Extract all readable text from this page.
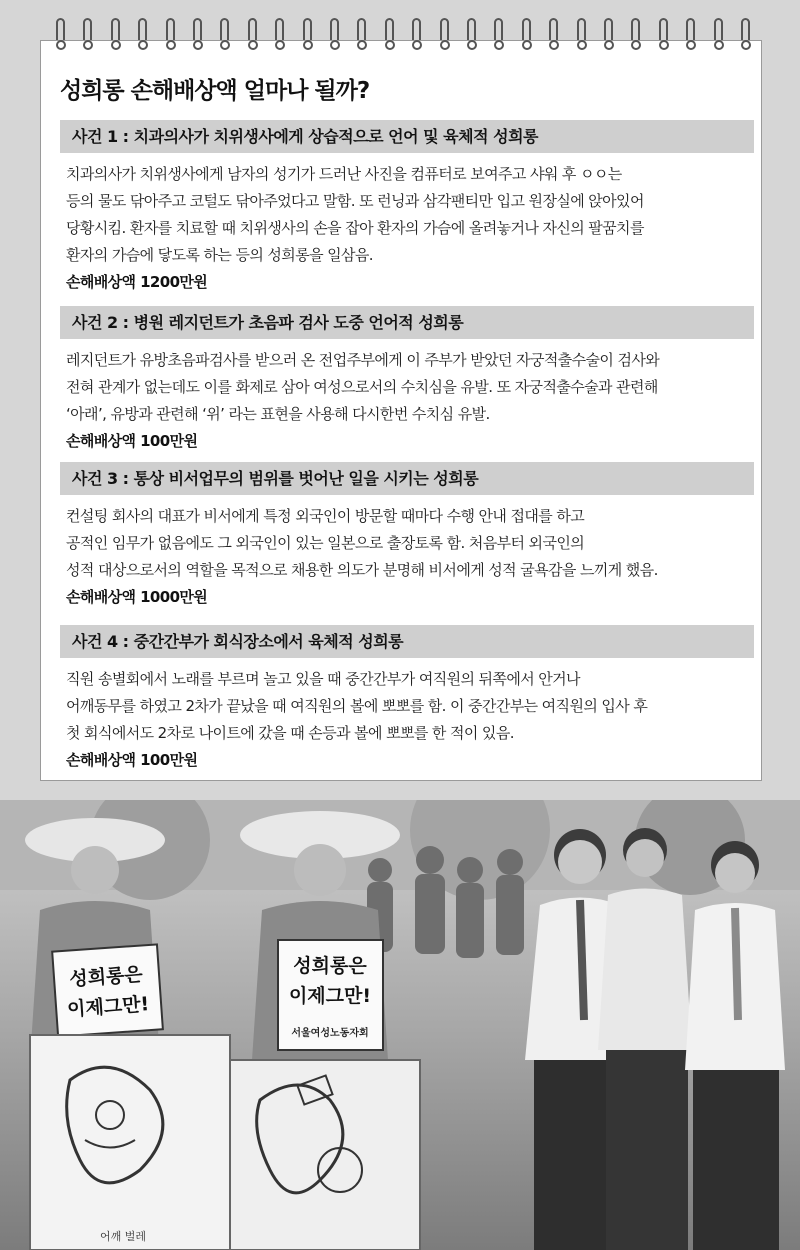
성희롱 손해배상액 얼마나 될까?
사건 1 : 치과의사가 치위생사에게 상습적으로 언어 및 육체적 성희롱

치과의사가 치위생사에게 남자의 성기가 드러난 사진을 컴퓨터로 보여주고 샤워 후 ㅇㅇ는

등의 물도 닦아주고 코털도 닦아주었다고 말함. 또 런닝과 삼각팬티만 입고 원장실에 앉아있어

당황시킴. 환자를 치료할 때 치위생사의 손을 잡아 환자의 가슴에 올려놓거나 자신의 팔꿈치를

환자의 가슴에 닿도록 하는 등의 성희롱을 일삼음.

손해배상액 1200만원

사건 2 : 병원 레지던트가 초음파 검사 도중 언어적 성희롱

레지던트가 유방초음파검사를 받으러 온 전업주부에게 이 주부가 받았던 자궁적출수술이 검사와

전혀 관계가 없는데도 이를 화제로 삼아 여성으로서의 수치심을 유발. 또 자궁적출수술과 관련해

‘아래’, 유방과 관련해 ‘위’ 라는 표현을 사용해 다시한번 수치심 유발.

손해배상액 100만원

사건 3 : 통상 비서업무의 범위를 벗어난 일을 시키는 성희롱

컨설팅 회사의 대표가 비서에게 특정 외국인이 방문할 때마다 수행 안내 접대를 하고

공적인 임무가 없음에도 그 외국인이 있는 일본으로 출장토록 함. 처음부터 외국인의

성적 대상으로서의 역할을 목적으로 채용한 의도가 분명해 비서에게 성적 굴욕감을 느끼게 했음.

손해배상액 1000만원

사건 4 : 중간간부가 회식장소에서 육체적 성희롱

직원 송별회에서 노래를 부르며 놀고 있을 때 중간간부가 여직원의 뒤쪽에서 안거나

어깨동무를 하였고 2차가 끝났을 때 여직원의 볼에 뽀뽀를 함. 이 중간간부는 여직원의 입사 후

첫 회식에서도 2차로 나이트에 갔을 때 손등과 볼에 뽀뽀를 한 적이 있음.

손해배상액 100만원

성희롱은
이제그만!
성희롱은
이제그만!
서울여성노동자회
어깨 벌레
